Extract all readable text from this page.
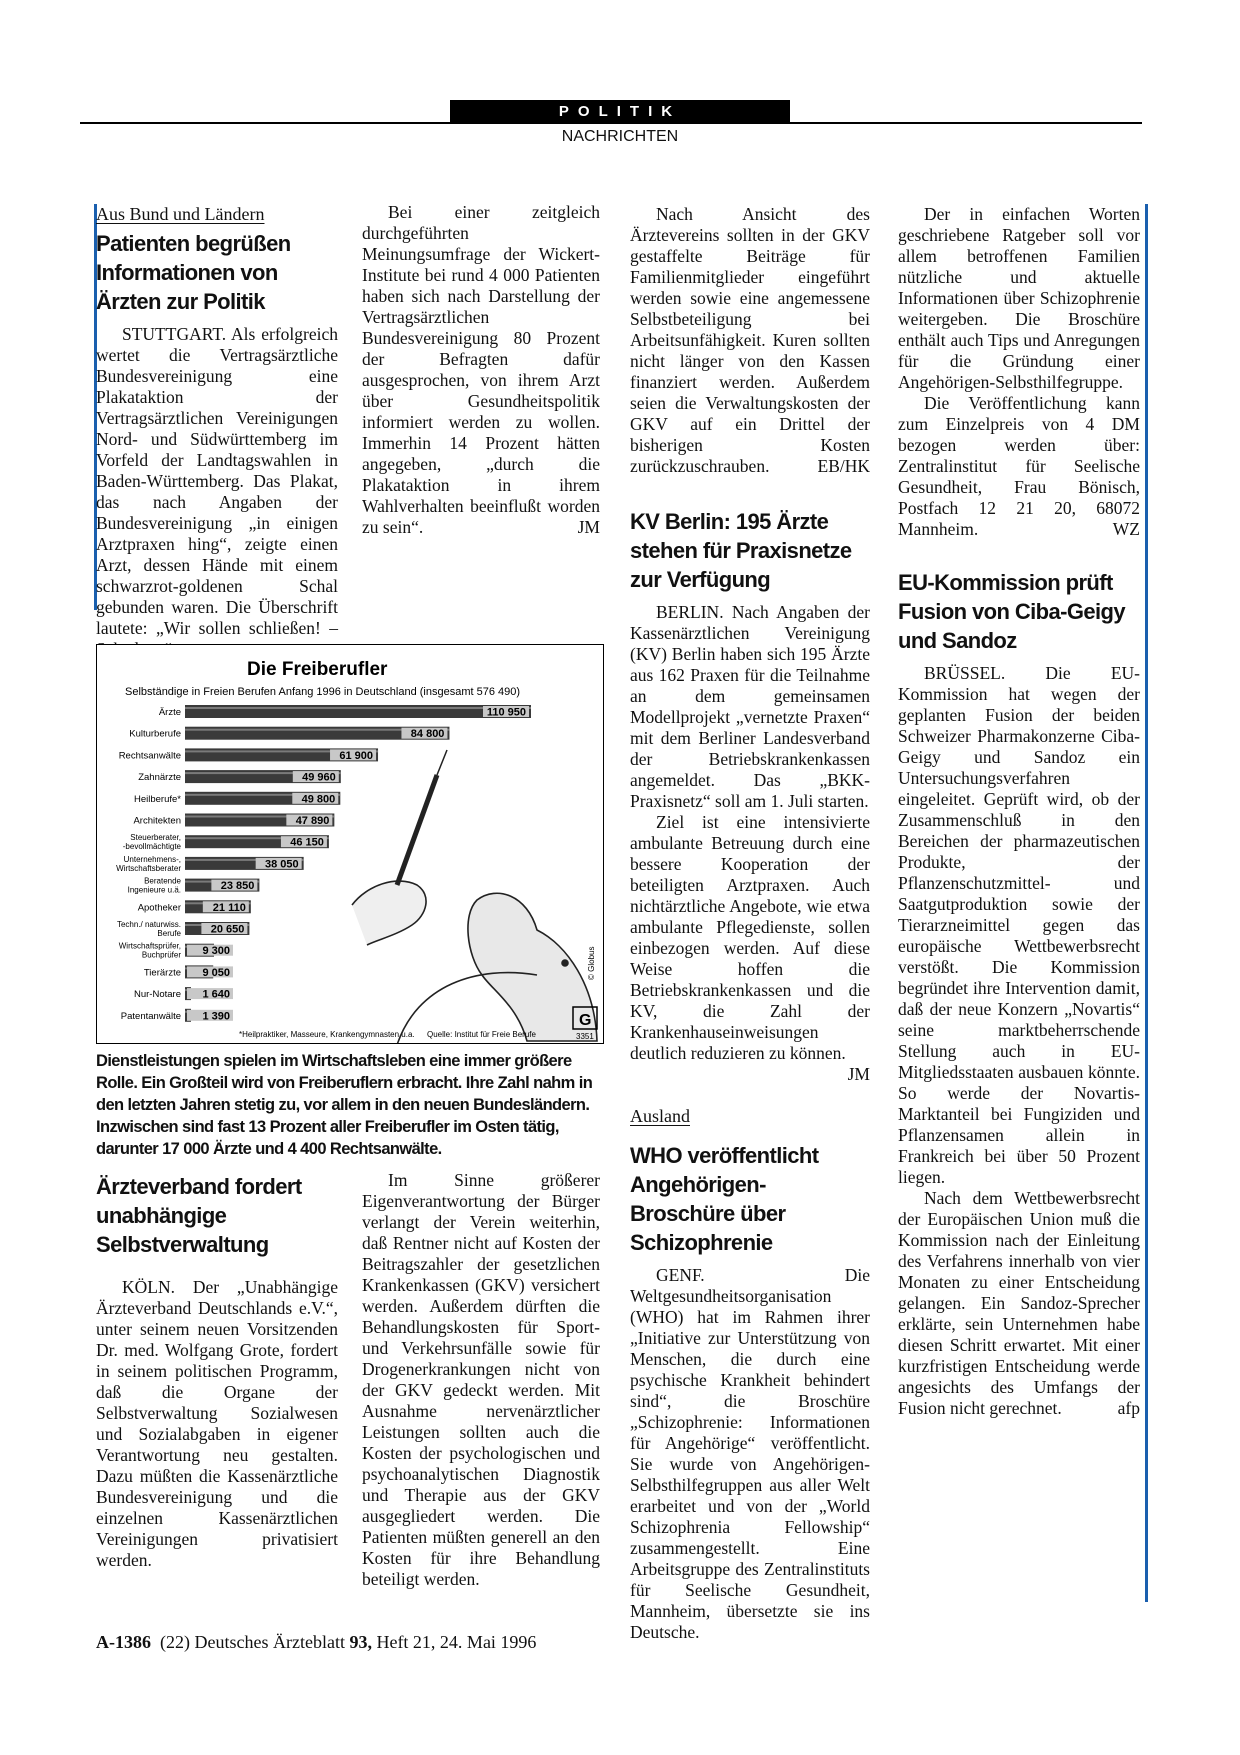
POLITIK
NACHRICHTEN

Aus Bund und Ländern

Patienten begrüßen Informationen von Ärzten zur Politik

STUTTGART. Als erfolgreich wertet die Vertragsärztliche Bundesvereinigung eine Plakataktion der Vertragsärztlichen Vereinigungen Nord- und Südwürttemberg im Vorfeld der Landtagswahlen in Baden-Württemberg. Das Plakat, das nach Angaben der Bundesvereinigung „in einigen Arztpraxen hing“, zeigte einen Arzt, dessen Hände mit einem schwarzrot-goldenen Schal gebunden waren. Die Überschrift lautete: „Wir sollen schließen! –

Bei einer zeitgleich durchgeführten Meinungsumfrage der Wickert-Institute bei rund 4 000 Patienten haben sich nach Darstellung der Vertragsärztlichen Bundesvereinigung 80 Prozent der Befragten dafür ausgesprochen, von ihrem Arzt über Gesundheitspolitik informiert werden zu wollen. Immerhin 14 Prozent hätten angegeben, „durch die Plakataktion in ihrem Wahlverhalten beeinflußt worden zu sein“.	JM

Die Freiberufler
Selbständige in Freien Berufen Anfang 1996 in Deutschland (insgesamt 576 490)
Ärzte	110 950
Kulturberufe	84 800
Rechtsanwälte	61 900
Zahnärzte	49 960
Heilberufe*	49 800
Architekten	47 890
Steuerberater,
-bevollmächtigte	46 150
Unternehmens-,
Wirtschaftsberater	38 050
Beratende
Ingenieure u.ä.	23 850
Apotheker	21 110
Techn./ naturwiss.
Berufe	20 650
Wirtschaftsprüfer,
Buchprüfer 9 300
Tierärzte 9 050
Nur-Notare 1 640
Patentanwälte 1 390
*Heilpraktiker, Masseure, Krankengymnasten u.a. Quelle: Institut für Freie Berufe
© Globus
G
3351
Dienstleistungen spielen im Wirtschaftsleben eine immer größere Rolle. Ein Großteil wird von Freiberuflern erbracht. Ihre Zahl nahm in den letzten Jahren stetig zu, vor allem in den neuen Bundesländern. Inzwischen sind fast 13 Prozent aller Freiberufler im Osten tätig, darunter 17 000 Ärzte und 4 400 Rechtsanwälte.
Ärzteverband fordert unabhängige Selbstverwaltung

KÖLN. Der „Unabhängige Ärzteverband Deutschlands e.V.“, unter seinem neuen Vorsitzenden Dr. med. Wolfgang Grote, fordert in seinem politischen Programm, daß die Organe der Selbstverwaltung Sozialwesen und Sozialabgaben in eigener Verantwortung neu gestalten. Dazu müßten die Kassenärztliche Bundesvereinigung und die einzelnen Kassenärztlichen Vereinigungen privatisiert werden.

Im Sinne größerer Eigenverantwortung der Bürger verlangt der Verein weiterhin, daß Rentner nicht auf Kosten der Beitragszahler der gesetzlichen Krankenkassen (GKV) versichert werden. Außerdem dürften die Behandlungskosten für Sport- und Verkehrsunfälle sowie für Drogenerkrankungen nicht von der GKV gedeckt werden. Mit Ausnahme nervenärztlicher Leistungen sollten auch die Kosten der psychologischen und psychoanalytischen Diagnostik und Therapie aus der GKV ausgegliedert werden. Die Patienten müßten generell an den Kosten für ihre Behandlung beteiligt werden.

Nach Ansicht des Ärztevereins sollten in der GKV gestaffelte Beiträge für Familienmitglieder eingeführt werden sowie eine angemessene Selbstbeteiligung bei Arbeitsunfähigkeit. Kuren sollten nicht länger von den Kassen finanziert werden. Außerdem seien die Verwaltungskosten der GKV auf ein Drittel der bisherigen Kosten zurückzuschrauben.	EB/HK

KV Berlin: 195 Ärzte stehen für Praxisnetze zur Verfügung

BERLIN. Nach Angaben der Kassenärztlichen Vereinigung (KV) Berlin haben sich 195 Ärzte aus 162 Praxen für die Teilnahme an dem gemeinsamen Modellprojekt „vernetzte Praxen“ mit dem Berliner Landesverband der Betriebskrankenkassen angemeldet. Das „BKK-Praxisnetz“ soll am 1. Juli starten.

Ziel ist eine intensivierte ambulante Betreuung durch eine bessere Kooperation der beteiligten Arztpraxen. Auch nichtärztliche Angebote, wie etwa ambulante Pflegedienste, sollen einbezogen werden. Auf diese Weise hoffen die Betriebskrankenkassen und die KV, die Zahl der Krankenhauseinweisungen deutlich reduzieren zu können.
JM

Ausland

WHO veröffentlicht Angehörigen-Broschüre über Schizophrenie

GENF. Die Weltgesundheitsorganisation (WHO) hat im Rahmen ihrer „Initiative zur Unterstützung von Menschen, die durch eine psychische Krankheit behindert sind“, die Broschüre „Schizophrenie: Informationen für Angehörige“ veröffentlicht. Sie wurde von Angehörigen-Selbsthilfegruppen aus aller Welt erarbeitet und von der „World Schizophrenia Fellowship“ zusammengestellt. Eine Arbeitsgruppe des Zentralinstituts für Seelische Gesundheit, Mannheim, übersetzte sie ins Deutsche.

Der in einfachen Worten geschriebene Ratgeber soll vor allem betroffenen Familien nützliche und aktuelle Informationen über Schizophrenie weitergeben. Die Broschüre enthält auch Tips und Anregungen für die Gründung einer Angehörigen-Selbsthilfegruppe.

Die Veröffentlichung kann zum Einzelpreis von 4 DM bezogen werden über: Zentralinstitut für Seelische Gesundheit, Frau Bönisch, Postfach 12 21 20, 68072 Mannheim.	WZ

EU-Kommission prüft Fusion von Ciba-Geigy und Sandoz

BRÜSSEL. Die EU-Kommission hat wegen der geplanten Fusion der beiden Schweizer Pharmakonzerne Ciba-Geigy und Sandoz ein Untersuchungsverfahren eingeleitet. Geprüft wird, ob der Zusammenschluß in den Bereichen der pharmazeutischen Produkte, der Pflanzenschutzmittel- und Saatgutproduktion sowie der Tierarzneimittel gegen das europäische Wettbewerbsrecht verstößt. Die Kommission begründet ihre Intervention damit, daß der neue Konzern „Novartis“ seine marktbeherrschende Stellung auch in EU-Mitgliedsstaaten ausbauen könnte. So werde der Novartis-Marktanteil bei Fungiziden und Pflanzensamen allein in Frankreich bei über 50 Prozent liegen.

Nach dem Wettbewerbsrecht der Europäischen Union muß die Kommission nach der Einleitung des Verfahrens innerhalb von vier Monaten zu einer Entscheidung gelangen. Ein Sandoz-Sprecher erklärte, sein Unternehmen habe diesen Schritt erwartet. Mit einer kurzfristigen Entscheidung werde angesichts des Umfangs der Fusion nicht gerechnet.	afp

A-1386 (22) Deutsches Ärzteblatt 93, Heft 21, 24. Mai 1996
